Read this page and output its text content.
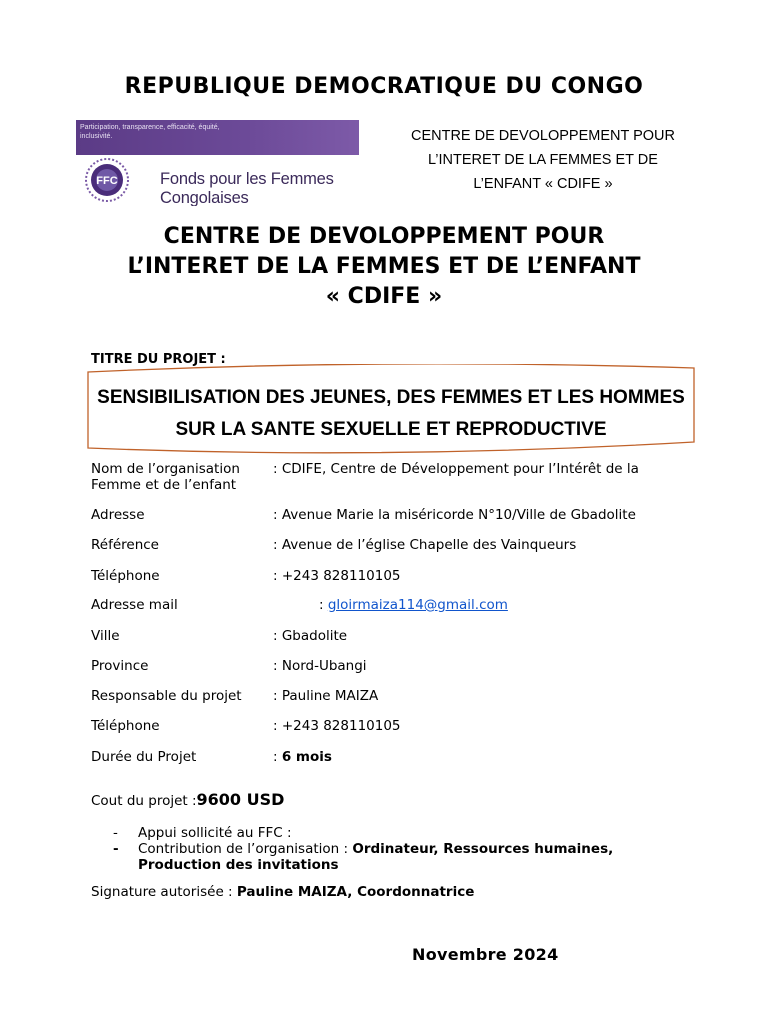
REPUBLIQUE DEMOCRATIQUE DU CONGO
Participation, transparence, efficacité, équité, inclusivité.
FFC	Fonds pour les Femmes Congolaises
CENTRE DE DEVOLOPPEMENT POUR
L’INTERET DE LA FEMMES ET DE
L’ENFANT « CDIFE »
CENTRE DE DEVOLOPPEMENT POUR
L’INTERET DE LA FEMMES ET DE L’ENFANT
« CDIFE »
TITRE DU PROJET :
SENSIBILISATION DES JEUNES, DES FEMMES ET LES HOMMES
SUR LA SANTE SEXUELLE ET REPRODUCTIVE
Nom de l’organisation	: CDIFE, Centre de Développement pour l’Intérêt de la
Femme et de l’enfant
Adresse	: Avenue Marie la miséricorde N°10/Ville de Gbadolite
Référence	: Avenue de l’église Chapelle des Vainqueurs
Téléphone	: +243 828110105
Adresse mail	: gloirmaiza114@gmail.com
Ville	: Gbadolite
Province	: Nord-Ubangi
Responsable du projet	: Pauline MAIZA
Téléphone	: +243 828110105
Durée du Projet	: 6 mois
Cout du projet :9600 USD
- Appui sollicité au FFC :
- Contribution de l’organisation : Ordinateur, Ressources humaines,
Production des invitations
Signature autorisée : Pauline MAIZA, Coordonnatrice
Novembre 2024
